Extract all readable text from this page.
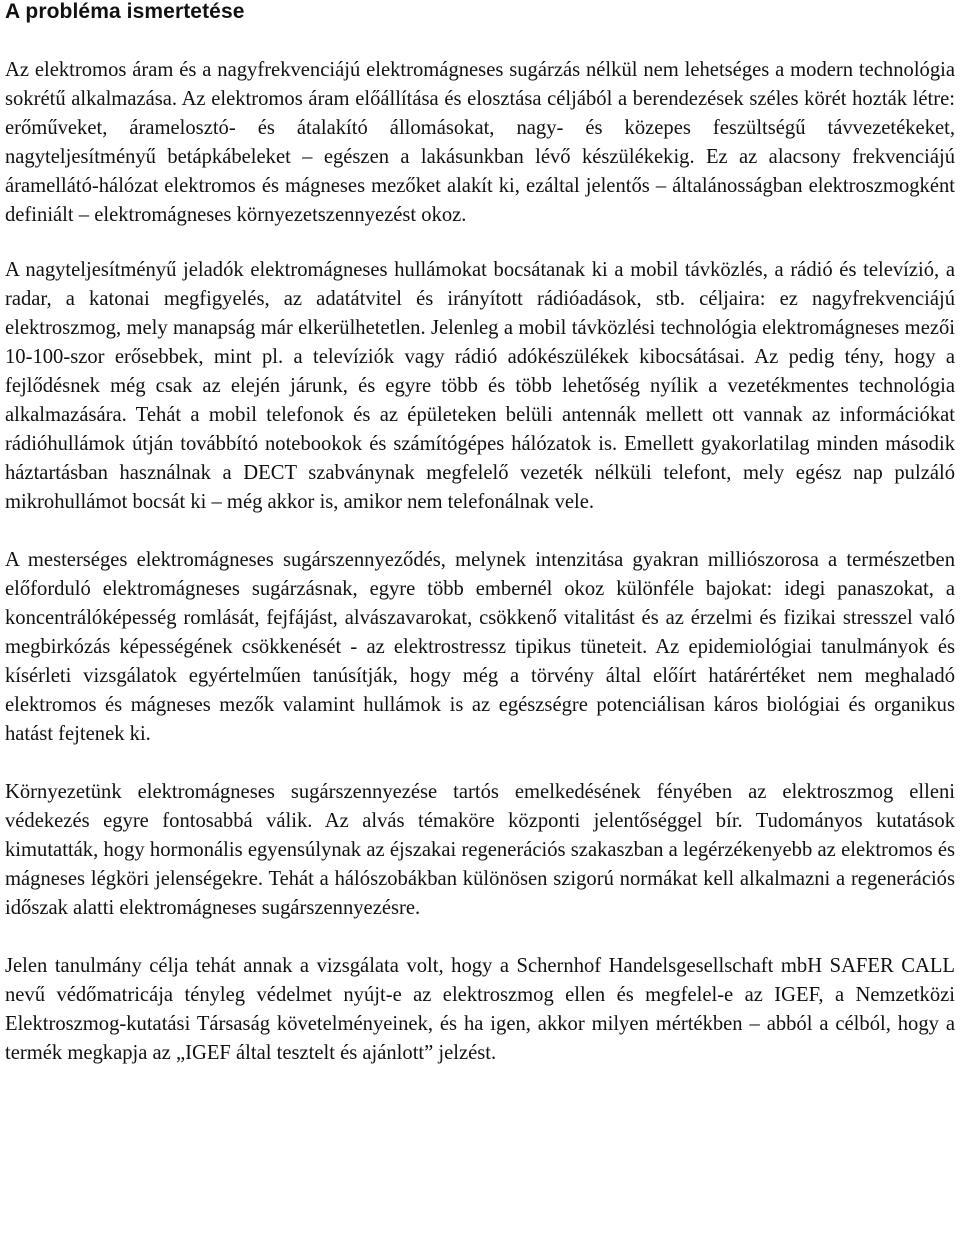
A probléma ismertetése

Az elektromos áram és a nagyfrekvenciájú elektromágneses sugárzás nélkül nem lehetséges a modern technológia sokrétű alkalmazása. Az elektromos áram előállítása és elosztása céljából a berendezések széles körét hozták létre: erőműveket, áramelosztó- és átalakító állomásokat, nagy- és közepes feszültségű távvezetékeket, nagyteljesítményű betápkábeleket – egészen a lakásunkban lévő készülékekig. Ez az alacsony frekvenciájú áramellátó-hálózat elektromos és mágneses mezőket alakít ki, ezáltal jelentős – általánosságban elektroszmogként definiált – elektromágneses környezetszennyezést okoz.

A nagyteljesítményű jeladók elektromágneses hullámokat bocsátanak ki a mobil távközlés, a rádió és televízió, a radar, a katonai megfigyelés, az adatátvitel és irányított rádióadások, stb. céljaira: ez nagyfrekvenciájú elektroszmog, mely manapság már elkerülhetetlen. Jelenleg a mobil távközlési technológia elektromágneses mezői 10-100-szor erősebbek, mint pl. a televíziók vagy rádió adókészülékek kibocsátásai. Az pedig tény, hogy a fejlődésnek még csak az elején járunk, és egyre több és több lehetőség nyílik a vezetékmentes technológia alkalmazására. Tehát a mobil telefonok és az épületeken belüli antennák mellett ott vannak az információkat rádióhullámok útján továbbító notebookok és számítógépes hálózatok is. Emellett gyakorlatilag minden második háztartásban használnak a DECT szabványnak megfelelő vezeték nélküli telefont, mely egész nap pulzáló mikrohullámot bocsát ki – még akkor is, amikor nem telefonálnak vele.

A mesterséges elektromágneses sugárszennyeződés, melynek intenzitása gyakran milliószorosa a természetben előforduló elektromágneses sugárzásnak, egyre több embernél okoz különféle bajokat: idegi panaszokat, a koncentrálóképesség romlását, fejfájást, alvászavarokat, csökkenő vitalitást és az érzelmi és fizikai stresszel való megbirkózás képességének csökkenését - az elektrostressz tipikus tüneteit. Az epidemiológiai tanulmányok és kísérleti vizsgálatok egyértelműen tanúsítják, hogy még a törvény által előírt határértéket nem meghaladó elektromos és mágneses mezők valamint hullámok is az egészségre potenciálisan káros biológiai és organikus hatást fejtenek ki.

Környezetünk elektromágneses sugárszennyezése tartós emelkedésének fényében az elektroszmog elleni védekezés egyre fontosabbá válik. Az alvás témaköre központi jelentőséggel bír. Tudományos kutatások kimutatták, hogy hormonális egyensúlynak az éjszakai regenerációs szakaszban a legérzékenyebb az elektromos és mágneses légköri jelenségekre. Tehát a hálószobákban különösen szigorú normákat kell alkalmazni a regenerációs időszak alatti elektromágneses sugárszennyezésre.

Jelen tanulmány célja tehát annak a vizsgálata volt, hogy a Schernhof Handelsgesellschaft mbH SAFER CALL nevű védőmatricája tényleg védelmet nyújt-e az elektroszmog ellen és megfelel-e az IGEF, a Nemzetközi Elektroszmog-kutatási Társaság követelményeinek, és ha igen, akkor milyen mértékben – abból a célból, hogy a termék megkapja az „IGEF által tesztelt és ajánlott” jelzést.
